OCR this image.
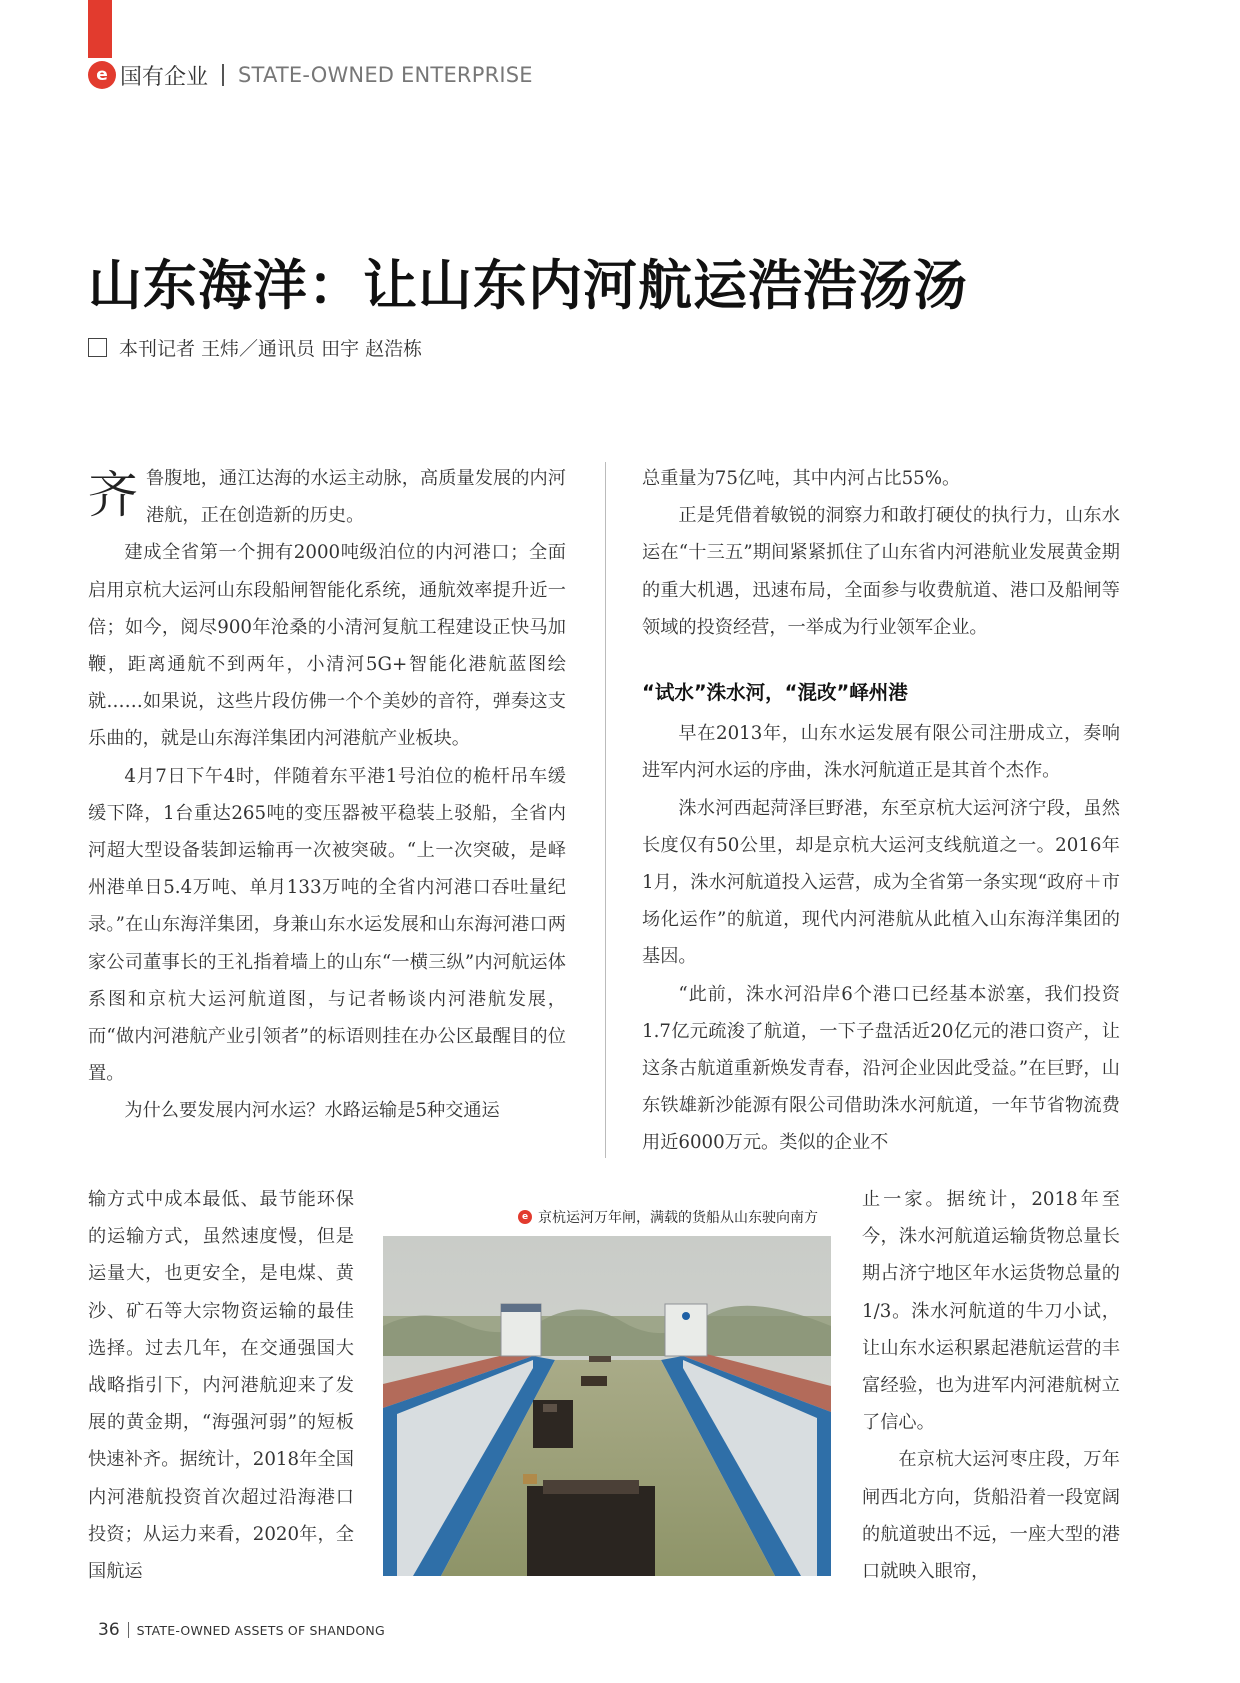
e 国有企业 STATE-OWNED ENTERPRISE
山东海洋：让山东内河航运浩浩汤汤
本刊记者 王炜／通讯员 田宇 赵浩栋

齐鲁腹地，通江达海的水运主动脉，高质量发展的内河港航，正在创造新的历史。

建成全省第一个拥有2000吨级泊位的内河港口；全面启用京杭大运河山东段船闸智能化系统，通航效率提升近一倍；如今，阅尽900年沧桑的小清河复航工程建设正快马加鞭，距离通航不到两年，小清河5G+智能化港航蓝图绘就……如果说，这些片段仿佛一个个美妙的音符，弹奏这支乐曲的，就是山东海洋集团内河港航产业板块。

4月7日下午4时，伴随着东平港1号泊位的桅杆吊车缓缓下降，1台重达265吨的变压器被平稳装上驳船，全省内河超大型设备装卸运输再一次被突破。“上一次突破，是峄州港单日5.4万吨、单月133万吨的全省内河港口吞吐量纪录。”在山东海洋集团，身兼山东水运发展和山东海河港口两家公司董事长的王礼指着墙上的山东“一横三纵”内河航运体系图和京杭大运河航道图，与记者畅谈内河港航发展，而“做内河港航产业引领者”的标语则挂在办公区最醒目的位置。

为什么要发展内河水运？水路运输是5种交通运

输方式中成本最低、最节能环保的运输方式，虽然速度慢，但是运量大，也更安全，是电煤、黄沙、矿石等大宗物资运输的最佳选择。过去几年，在交通强国大战略指引下，内河港航迎来了发展的黄金期，“海强河弱”的短板快速补齐。据统计，2018年全国内河港航投资首次超过沿海港口投资；从运力来看，2020年，全国航运

总重量为75亿吨，其中内河占比55%。

正是凭借着敏锐的洞察力和敢打硬仗的执行力，山东水运在“十三五”期间紧紧抓住了山东省内河港航业发展黄金期的重大机遇，迅速布局，全面参与收费航道、港口及船闸等领域的投资经营，一举成为行业领军企业。

“试水”洙水河，“混改”峄州港

早在2013年，山东水运发展有限公司注册成立，奏响进军内河水运的序曲，洙水河航道正是其首个杰作。

洙水河西起菏泽巨野港，东至京杭大运河济宁段，虽然长度仅有50公里，却是京杭大运河支线航道之一。2016年1月，洙水河航道投入运营，成为全省第一条实现“政府＋市场化运作”的航道，现代内河港航从此植入山东海洋集团的基因。

“此前，洙水河沿岸6个港口已经基本淤塞，我们投资1.7亿元疏浚了航道，一下子盘活近20亿元的港口资产，让这条古航道重新焕发青春，沿河企业因此受益。”在巨野，山东铁雄新沙能源有限公司借助洙水河航道，一年节省物流费用近6000万元。类似的企业不

止一家。据统计，2018年至今，洙水河航道运输货物总量长期占济宁地区年水运货物总量的1/3。洙水河航道的牛刀小试，让山东水运积累起港航运营的丰富经验，也为进军内河港航树立了信心。

在京杭大运河枣庄段，万年闸西北方向，货船沿着一段宽阔的航道驶出不远，一座大型的港口就映入眼帘，

e 京杭运河万年闸，满载的货船从山东驶向南方
36 STATE-OWNED ASSETS OF SHANDONG
